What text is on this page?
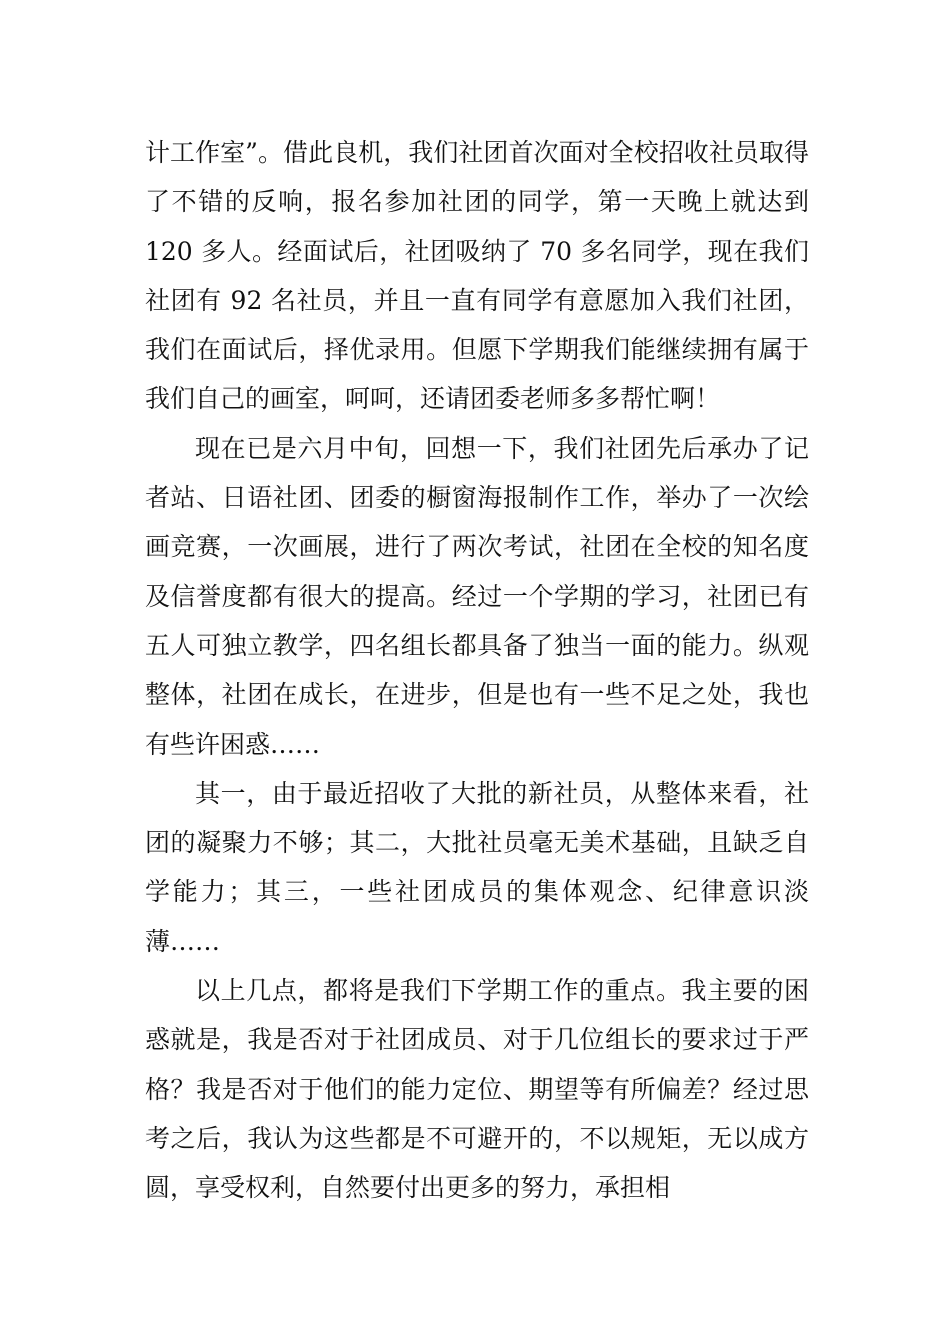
计工作室”。借此良机，我们社团首次面对全校招收社员取得了不错的反响，报名参加社团的同学，第一天晚上就达到 120 多人。经面试后，社团吸纳了 70 多名同学，现在我们社团有 92 名社员，并且一直有同学有意愿加入我们社团，我们在面试后，择优录用。但愿下学期我们能继续拥有属于我们自己的画室，呵呵，还请团委老师多多帮忙啊！

现在已是六月中旬，回想一下，我们社团先后承办了记者站、日语社团、团委的橱窗海报制作工作，举办了一次绘画竞赛，一次画展，进行了两次考试，社团在全校的知名度及信誉度都有很大的提高。经过一个学期的学习，社团已有五人可独立教学，四名组长都具备了独当一面的能力。纵观整体，社团在成长，在进步，但是也有一些不足之处，我也有些许困惑……

其一，由于最近招收了大批的新社员，从整体来看，社团的凝聚力不够；其二，大批社员毫无美术基础，且缺乏自学能力；其三，一些社团成员的集体观念、纪律意识淡薄……

以上几点，都将是我们下学期工作的重点。我主要的困惑就是，我是否对于社团成员、对于几位组长的要求过于严格？我是否对于他们的能力定位、期望等有所偏差？经过思考之后，我认为这些都是不可避开的，不以规矩，无以成方圆，享受权利，自然要付出更多的努力，承担相
